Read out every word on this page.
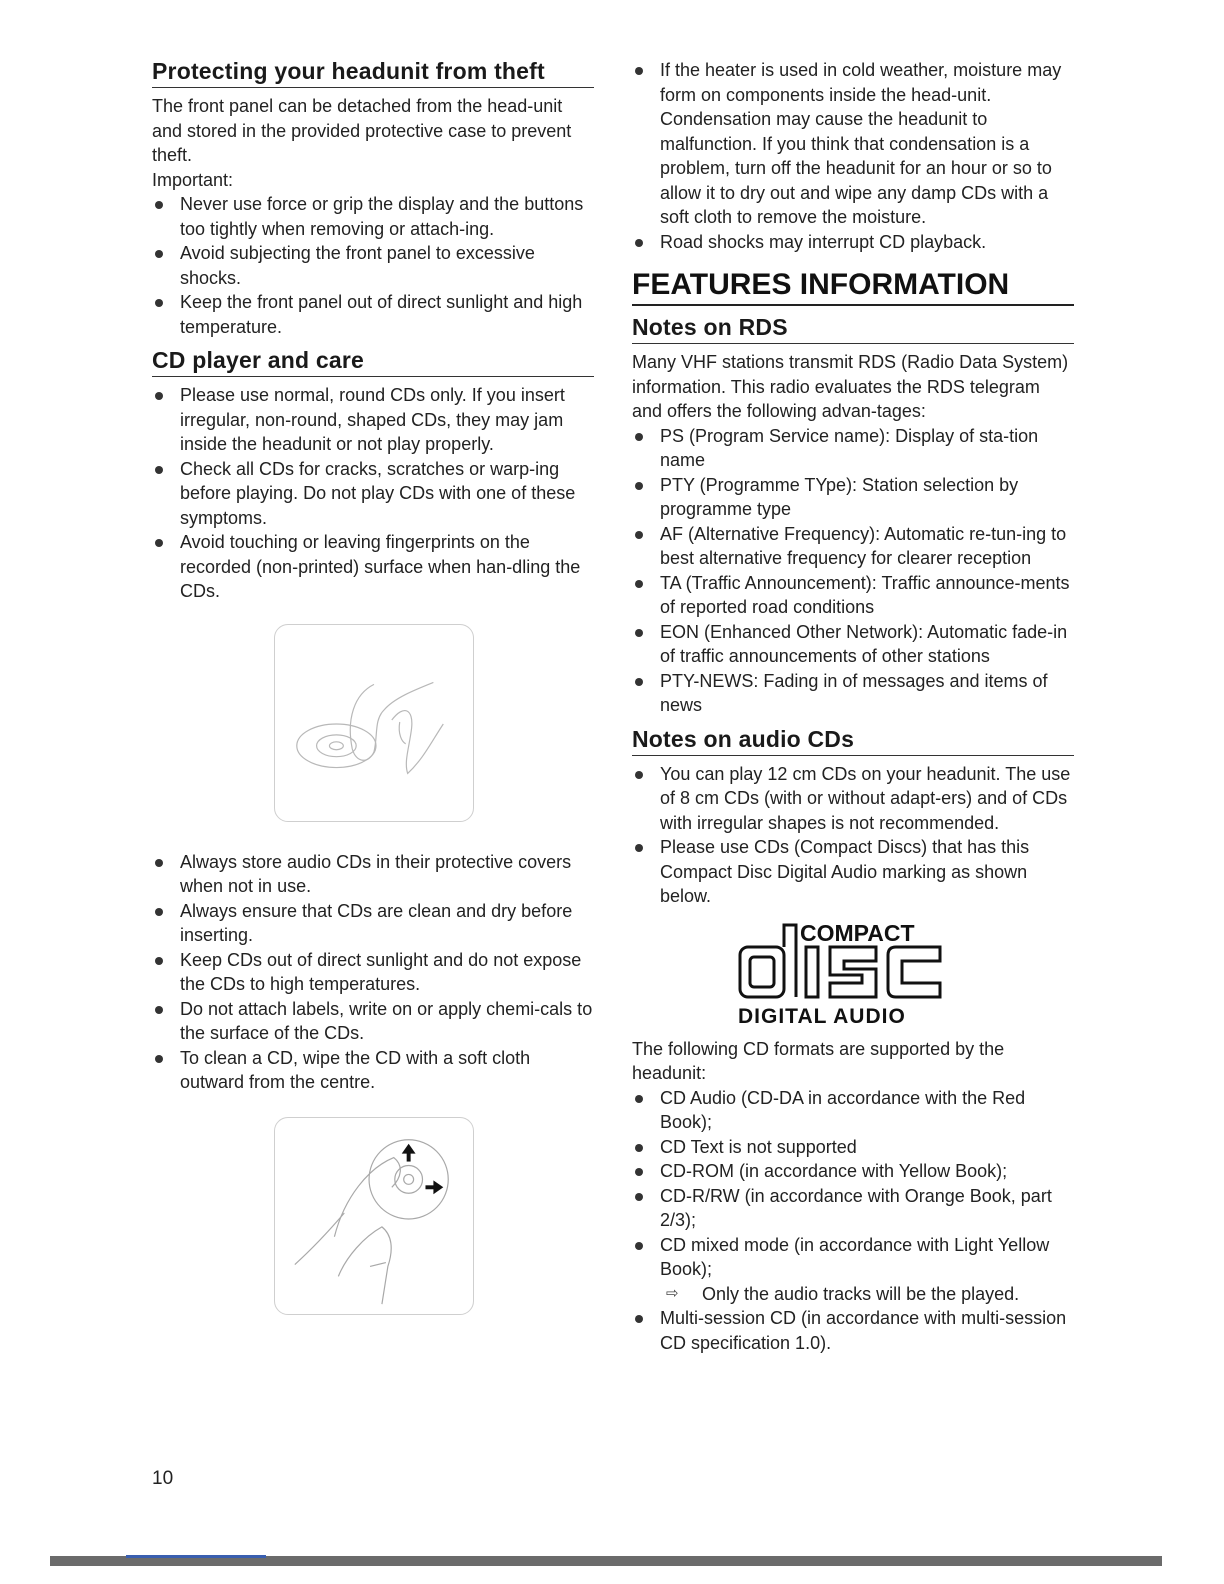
Protecting your headunit from theft

The front panel can be detached from the head-unit and stored in the provided protective case to prevent theft.

Important:

Never use force or grip the display and the buttons too tightly when removing or attach-ing.
Avoid subjecting the front panel to excessive shocks.
Keep the front panel out of direct sunlight and high temperature.
CD player and care
Please use normal, round CDs only. If you insert irregular, non-round, shaped CDs, they may jam inside the headunit or not play properly.
Check all CDs for cracks, scratches or warp-ing before playing. Do not play CDs with one of these symptoms.
Avoid touching or leaving fingerprints on the recorded (non-printed) surface when han-dling the CDs.
Always store audio CDs in their protective covers when not in use.
Always ensure that CDs are clean and dry before inserting.
Keep CDs out of direct sunlight and do not expose the CDs to high temperatures.
Do not attach labels, write on or apply chemi-cals to the surface of the CDs.
To clean a CD, wipe the CD with a soft cloth outward from the centre.
If the heater is used in cold weather, moisture may form on components inside the head-unit. Condensation may cause the headunit to malfunction. If you think that condensation is a problem, turn off the headunit for an hour or so to allow it to dry out and wipe any damp CDs with a soft cloth to remove the moisture.
Road shocks may interrupt CD playback.
FEATURES INFORMATION
Notes on RDS

Many VHF stations transmit RDS (Radio Data System) information. This radio evaluates the RDS telegram and offers the following advan-tages:

PS (Program Service name): Display of sta-tion name
PTY (Programme TYpe): Station selection by programme type
AF (Alternative Frequency): Automatic re-tun-ing to best alternative frequency for clearer reception
TA (Traffic Announcement): Traffic announce-ments of reported road conditions
EON (Enhanced Other Network): Automatic fade-in of traffic announcements of other stations
PTY-NEWS: Fading in of messages and items of news
Notes on audio CDs
You can play 12 cm CDs on your headunit. The use of 8 cm CDs (with or without adapt-ers) and of CDs with irregular shapes is not recommended.
Please use CDs (Compact Discs) that has this Compact Disc Digital Audio marking as shown below.
COMPACT
DIGITAL AUDIO

The following CD formats are supported by the headunit:

CD Audio (CD-DA in accordance with the Red Book);
CD Text is not supported
CD-ROM (in accordance with Yellow Book);
CD-R/RW (in accordance with Orange Book, part 2/3);
CD mixed mode (in accordance with Light Yellow Book);
⇨ Only the audio tracks will be the played.
Multi-session CD (in accordance with multi-session CD specification 1.0).
10
